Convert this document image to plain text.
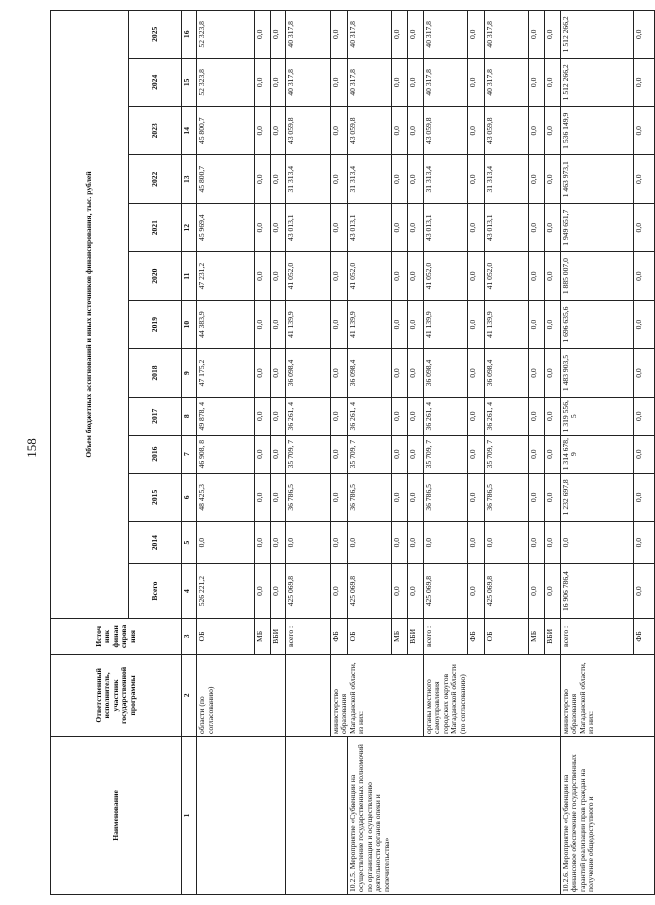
158
Наименование	Ответственный исполнитель, участник государственной программы	Источ ник финан сирова ния	Объем бюджетных ассигнований и иных источников финансирования, тыс. рублей												
			Всего	2014	2015	2016	2017	2018	2019	2020	2021	2022	2023	2024	2025
1	2	3	4	5	6	7	8	9	10	11	12	13	14	15	16
	области (по согласованию)	ОБ	526 221,2	0,0	48 425,3	46 908, 8	49 878, 4	47 175,2	44 383,9	47 231,2	45 969,4	45 800,7	45 800,7	52 323,8	52 323,8
		МБ	0,0	0,0	0,0	0,0	0,0	0,0	0,0	0,0	0,0	0,0	0,0	0,0	0,0
		ВБИ	0,0	0,0	0,0	0,0	0,0	0,0	0,0	0,0	0,0	0,0	0,0	0,0	0,0
		всего :	425 069,8	0,0	36 786,5	35 709, 7	36 261, 4	36 098,4	41 139,9	41 052,0	43 013,1	31 313,4	43 059,8	40 317,8	40 317,8
	министерство образования Магаданской области, из них:	ФБ	0,0	0,0	0,0	0,0	0,0	0,0	0,0	0,0	0,0	0,0	0,0	0,0	0,0
10.2.5. Мероприятие «Субвенции на осуществление государственных полномочий по организации и осуществлению деятельности органов опеки и попечительства»		ОБ	425 069,8	0,0	36 786,5	35 709, 7	36 261, 4	36 098,4	41 139,9	41 052,0	43 013,1	31 313,4	43 059,8	40 317,8	40 317,8
		МБ	0,0	0,0	0,0	0,0	0,0	0,0	0,0	0,0	0,0	0,0	0,0	0,0	0,0
		ВБИ	0,0	0,0	0,0	0,0	0,0	0,0	0,0	0,0	0,0	0,0	0,0	0,0	0,0
	органы местного самоуправления городских округов Магаданской области (по согласованию)	всего :	425 069,8	0,0	36 786,5	35 709, 7	36 261, 4	36 098,4	41 139,9	41 052,0	43 013,1	31 313,4	43 059,8	40 317,8	40 317,8
		ФБ	0,0	0,0	0,0	0,0	0,0	0,0	0,0	0,0	0,0	0,0	0,0	0,0	0,0
		ОБ	425 069,8	0,0	36 786,5	35 709, 7	36 261, 4	36 098,4	41 139,9	41 052,0	43 013,1	31 313,4	43 059,8	40 317,8	40 317,8
		МБ	0,0	0,0	0,0	0,0	0,0	0,0	0,0	0,0	0,0	0,0	0,0	0,0	0,0
		ВБИ	0,0	0,0	0,0	0,0	0,0	0,0	0,0	0,0	0,0	0,0	0,0	0,0	0,0
10.2.6. Мероприятие «Субвенции на финансовое обеспечение государственных гарантий реализации прав граждан на получение общедоступного и	министерство образования Магаданской области, из них:	всего :	16 906 786,4	0,0	1 232 697,8	1 314 678, 9	1 319 556, 5	1 483 903,5	1 696 635,6	1 885 007,0	1 949 651,7	1 463 973,1	1 536 149,9	1 512 266,2	1 512 266,2
		ФБ	0,0	0,0	0,0	0,0	0,0	0,0	0,0	0,0	0,0	0,0	0,0	0,0	0,0
